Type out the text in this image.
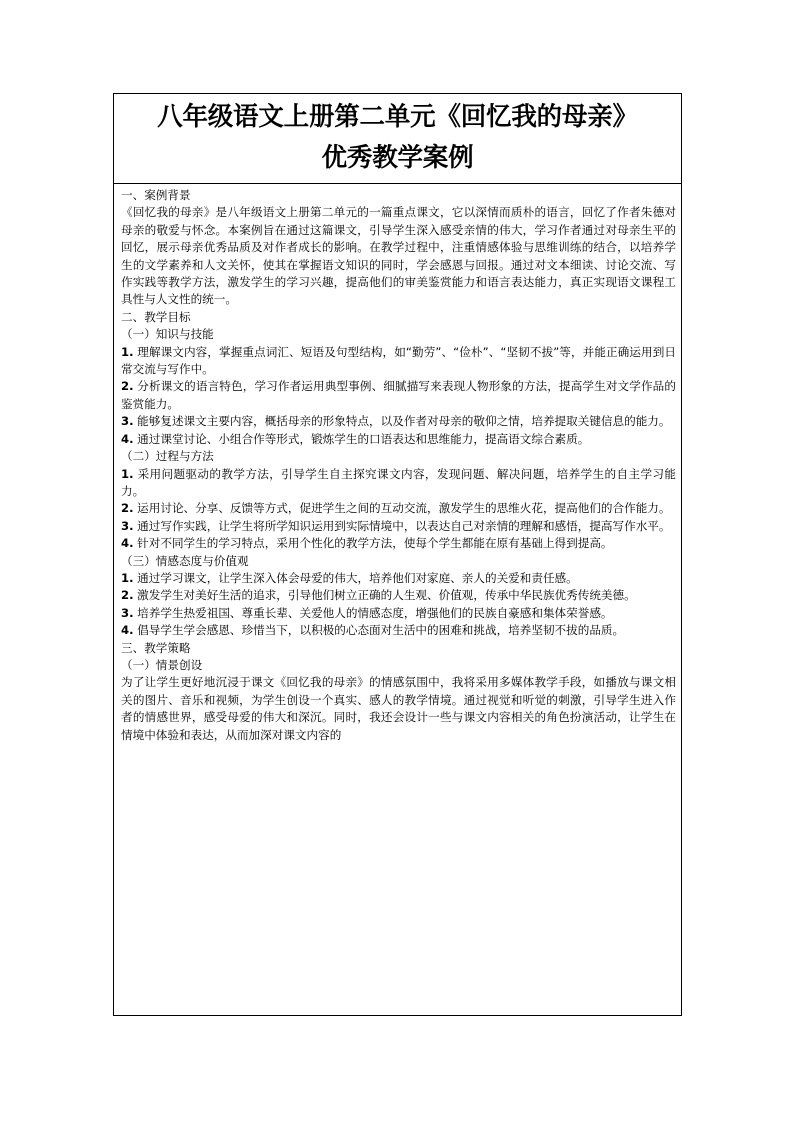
八年级语文上册第二单元《回忆我的母亲》
优秀教学案例

一、案例背景

《回忆我的母亲》是八年级语文上册第二单元的一篇重点课文，它以深情而质朴的语言，回忆了作者朱德对母亲的敬爱与怀念。本案例旨在通过这篇课文，引导学生深入感受亲情的伟大，学习作者通过对母亲生平的回忆，展示母亲优秀品质及对作者成长的影响。在教学过程中，注重情感体验与思维训练的结合，以培养学生的文学素养和人文关怀，使其在掌握语文知识的同时，学会感恩与回报。通过对文本细读、讨论交流、写作实践等教学方法，激发学生的学习兴趣，提高他们的审美鉴赏能力和语言表达能力，真正实现语文课程工具性与人文性的统一。

二、教学目标

（一）知识与技能

1. 理解课文内容，掌握重点词汇、短语及句型结构，如“勤劳”、“俭朴”、“坚韧不拔”等，并能正确运用到日常交流与写作中。

2. 分析课文的语言特色，学习作者运用典型事例、细腻描写来表现人物形象的方法，提高学生对文学作品的鉴赏能力。

3. 能够复述课文主要内容，概括母亲的形象特点，以及作者对母亲的敬仰之情，培养提取关键信息的能力。

4. 通过课堂讨论、小组合作等形式，锻炼学生的口语表达和思维能力，提高语文综合素质。

（二）过程与方法

1. 采用问题驱动的教学方法，引导学生自主探究课文内容，发现问题、解决问题，培养学生的自主学习能力。

2. 运用讨论、分享、反馈等方式，促进学生之间的互动交流，激发学生的思维火花，提高他们的合作能力。

3. 通过写作实践，让学生将所学知识运用到实际情境中，以表达自己对亲情的理解和感悟，提高写作水平。

4. 针对不同学生的学习特点，采用个性化的教学方法，使每个学生都能在原有基础上得到提高。

（三）情感态度与价值观

1. 通过学习课文，让学生深入体会母爱的伟大，培养他们对家庭、亲人的关爱和责任感。

2. 激发学生对美好生活的追求，引导他们树立正确的人生观、价值观，传承中华民族优秀传统美德。

3. 培养学生热爱祖国、尊重长辈、关爱他人的情感态度，增强他们的民族自豪感和集体荣誉感。

4. 倡导学生学会感恩、珍惜当下，以积极的心态面对生活中的困难和挑战，培养坚韧不拔的品质。

三、教学策略

（一）情景创设

为了让学生更好地沉浸于课文《回忆我的母亲》的情感氛围中，我将采用多媒体教学手段，如播放与课文相关的图片、音乐和视频，为学生创设一个真实、感人的教学情境。通过视觉和听觉的刺激，引导学生进入作者的情感世界，感受母爱的伟大和深沉。同时，我还会设计一些与课文内容相关的角色扮演活动，让学生在情境中体验和表达，从而加深对课文内容的
